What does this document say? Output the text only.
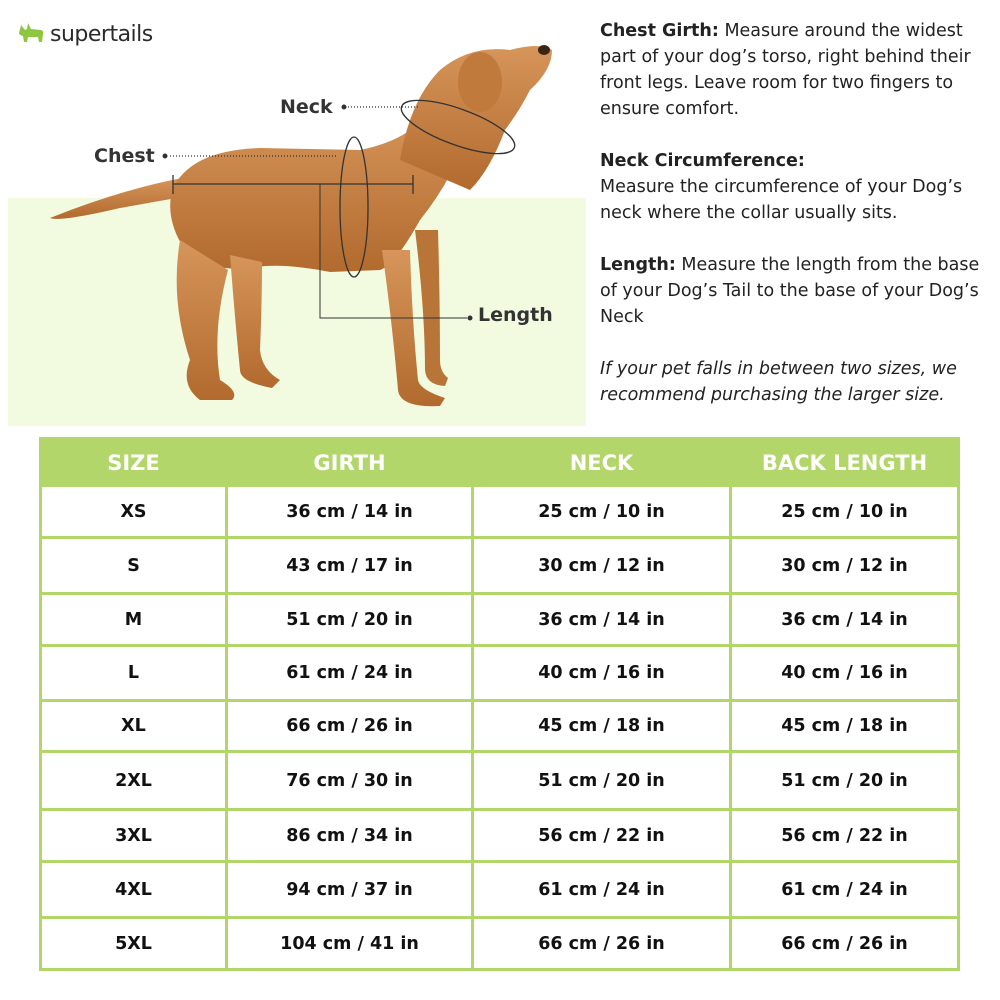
supertails
Neck
Chest
Length

Chest Girth: Measure around the widest part of your dog’s torso, right behind their front legs. Leave room for two fingers to ensure comfort.

Neck Circumference:
Measure the circumference of your Dog’s neck where the collar usually sits.

Length: Measure the length from the base of your Dog’s Tail to the base of your Dog’s Neck

If your pet falls in between two sizes, we recommend purchasing the larger size.

SIZE	GIRTH	NECK	BACK LENGTH
XS	36 cm / 14 in	25 cm / 10 in	25 cm / 10 in
S	43 cm / 17 in	30 cm / 12 in	30 cm / 12 in
M	51 cm / 20 in	36 cm / 14 in	36 cm / 14 in
L	61 cm / 24 in	40 cm / 16 in	40 cm / 16 in
XL	66 cm / 26 in	45 cm / 18 in	45 cm / 18 in
2XL	76 cm / 30 in	51 cm / 20 in	51 cm / 20 in
3XL	86 cm / 34 in	56 cm / 22 in	56 cm / 22 in
4XL	94 cm / 37 in	61 cm / 24 in	61 cm / 24 in
5XL	104 cm / 41 in	66 cm / 26 in	66 cm / 26 in
